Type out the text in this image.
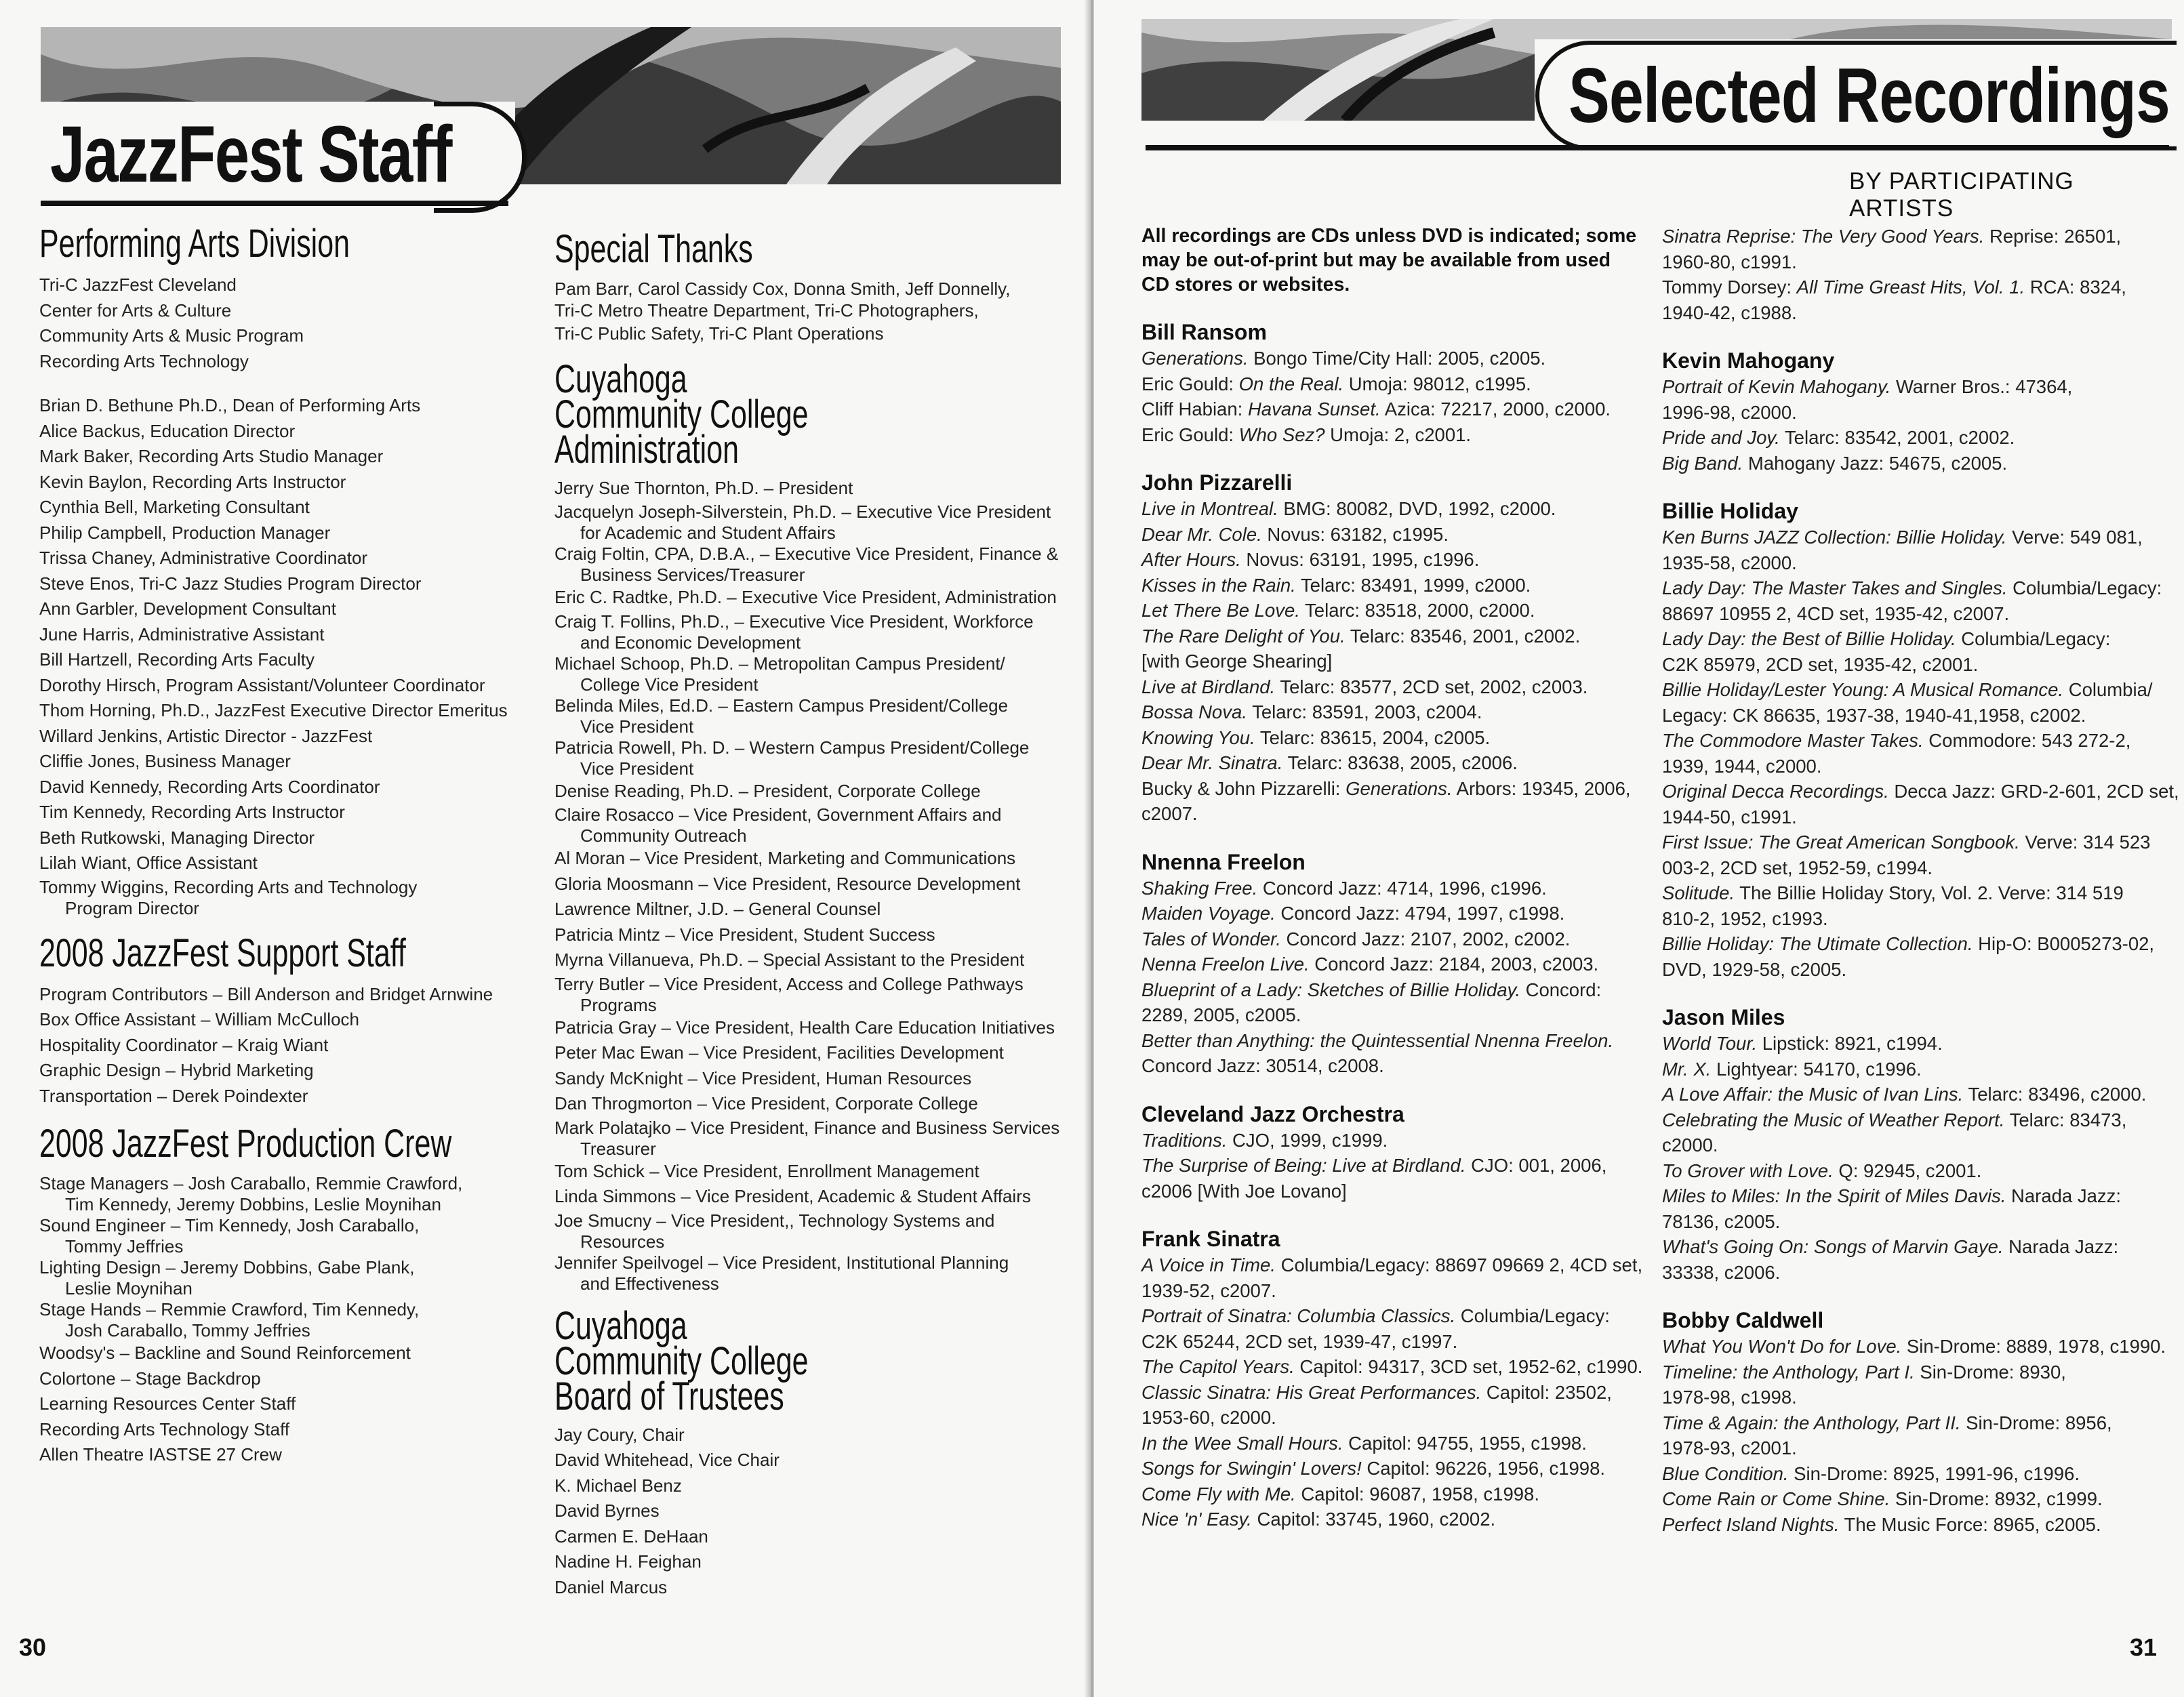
JazzFest Staff
Performing Arts Division
Tri-C JazzFest Cleveland
Center for Arts & Culture
Community Arts & Music Program
Recording Arts Technology
Brian D. Bethune Ph.D., Dean of Performing Arts
Alice Backus, Education Director
Mark Baker, Recording Arts Studio Manager
Kevin Baylon, Recording Arts Instructor
Cynthia Bell, Marketing Consultant
Philip Campbell, Production Manager
Trissa Chaney, Administrative Coordinator
Steve Enos, Tri-C Jazz Studies Program Director
Ann Garbler, Development Consultant
June Harris, Administrative Assistant
Bill Hartzell, Recording Arts Faculty
Dorothy Hirsch, Program Assistant/Volunteer Coordinator
Thom Horning, Ph.D., JazzFest Executive Director Emeritus
Willard Jenkins, Artistic Director - JazzFest
Cliffie Jones, Business Manager
David Kennedy, Recording Arts Coordinator
Tim Kennedy, Recording Arts Instructor
Beth Rutkowski, Managing Director
Lilah Wiant, Office Assistant
Tommy Wiggins, Recording Arts and Technology
Program Director
2008 JazzFest Support Staff
Program Contributors – Bill Anderson and Bridget Arnwine
Box Office Assistant – William McCulloch
Hospitality Coordinator – Kraig Wiant
Graphic Design – Hybrid Marketing
Transportation – Derek Poindexter
2008 JazzFest Production Crew
Stage Managers – Josh Caraballo, Remmie Crawford,
Tim Kennedy, Jeremy Dobbins, Leslie Moynihan
Sound Engineer – Tim Kennedy, Josh Caraballo,
Tommy Jeffries
Lighting Design – Jeremy Dobbins, Gabe Plank,
Leslie Moynihan
Stage Hands – Remmie Crawford, Tim Kennedy,
Josh Caraballo, Tommy Jeffries
Woodsy's – Backline and Sound Reinforcement
Colortone – Stage Backdrop
Learning Resources Center Staff
Recording Arts Technology Staff
Allen Theatre IASTSE 27 Crew
Special Thanks
Pam Barr, Carol Cassidy Cox, Donna Smith, Jeff Donnelly,
Tri-C Metro Theatre Department, Tri-C Photographers,
Tri-C Public Safety, Tri-C Plant Operations
Cuyahoga Community College Administration
Jerry Sue Thornton, Ph.D. – President
Jacquelyn Joseph-Silverstein, Ph.D. – Executive Vice President
for Academic and Student Affairs
Craig Foltin, CPA, D.B.A., – Executive Vice President, Finance &
Business Services/Treasurer
Eric C. Radtke, Ph.D. – Executive Vice President, Administration
Craig T. Follins, Ph.D., – Executive Vice President, Workforce
and Economic Development
Michael Schoop, Ph.D. – Metropolitan Campus President/
College Vice President
Belinda Miles, Ed.D. – Eastern Campus President/College
Vice President
Patricia Rowell, Ph. D. – Western Campus President/College
Vice President
Denise Reading, Ph.D. – President, Corporate College
Claire Rosacco – Vice President, Government Affairs and
Community Outreach
Al Moran – Vice President, Marketing and Communications
Gloria Moosmann – Vice President, Resource Development
Lawrence Miltner, J.D. – General Counsel
Patricia Mintz – Vice President, Student Success
Myrna Villanueva, Ph.D. – Special Assistant to the President
Terry Butler – Vice President, Access and College Pathways
Programs
Patricia Gray – Vice President, Health Care Education Initiatives
Peter Mac Ewan – Vice President, Facilities Development
Sandy McKnight – Vice President, Human Resources
Dan Throgmorton – Vice President, Corporate College
Mark Polatajko – Vice President, Finance and Business Services
Treasurer
Tom Schick – Vice President, Enrollment Management
Linda Simmons – Vice President, Academic & Student Affairs
Joe Smucny – Vice President,, Technology Systems and
Resources
Jennifer Speilvogel – Vice President, Institutional Planning
and Effectiveness
Cuyahoga Community College Board of Trustees
Jay Coury, Chair
David Whitehead, Vice Chair
K. Michael Benz
David Byrnes
Carmen E. DeHaan
Nadine H. Feighan
Daniel Marcus
30
Selected Recordings
BY PARTICIPATING ARTISTS
All recordings are CDs unless DVD is indicated; some
may be out-of-print but may be available from used
CD stores or websites.
Bill Ransom
Generations. Bongo Time/City Hall: 2005, c2005.
Eric Gould: On the Real. Umoja: 98012, c1995.
Cliff Habian: Havana Sunset. Azica: 72217, 2000, c2000.
Eric Gould: Who Sez? Umoja: 2, c2001.
John Pizzarelli
Live in Montreal. BMG: 80082, DVD, 1992, c2000.
Dear Mr. Cole. Novus: 63182, c1995.
After Hours. Novus: 63191, 1995, c1996.
Kisses in the Rain. Telarc: 83491, 1999, c2000.
Let There Be Love. Telarc: 83518, 2000, c2000.
The Rare Delight of You. Telarc: 83546, 2001, c2002.
[with George Shearing]
Live at Birdland. Telarc: 83577, 2CD set, 2002, c2003.
Bossa Nova. Telarc: 83591, 2003, c2004.
Knowing You. Telarc: 83615, 2004, c2005.
Dear Mr. Sinatra. Telarc: 83638, 2005, c2006.
Bucky & John Pizzarelli: Generations. Arbors: 19345, 2006,
c2007.
Nnenna Freelon
Shaking Free. Concord Jazz: 4714, 1996, c1996.
Maiden Voyage. Concord Jazz: 4794, 1997, c1998.
Tales of Wonder. Concord Jazz: 2107, 2002, c2002.
Nenna Freelon Live. Concord Jazz: 2184, 2003, c2003.
Blueprint of a Lady: Sketches of Billie Holiday. Concord:
2289, 2005, c2005.
Better than Anything: the Quintessential Nnenna Freelon.
Concord Jazz: 30514, c2008.
Cleveland Jazz Orchestra
Traditions. CJO, 1999, c1999.
The Surprise of Being: Live at Birdland. CJO: 001, 2006,
c2006 [With Joe Lovano]
Frank Sinatra
A Voice in Time. Columbia/Legacy: 88697 09669 2, 4CD set,
1939-52, c2007.
Portrait of Sinatra: Columbia Classics. Columbia/Legacy:
C2K 65244, 2CD set, 1939-47, c1997.
The Capitol Years. Capitol: 94317, 3CD set, 1952-62, c1990.
Classic Sinatra: His Great Performances. Capitol: 23502,
1953-60, c2000.
In the Wee Small Hours. Capitol: 94755, 1955, c1998.
Songs for Swingin' Lovers! Capitol: 96226, 1956, c1998.
Come Fly with Me. Capitol: 96087, 1958, c1998.
Nice 'n' Easy. Capitol: 33745, 1960, c2002.
Sinatra Reprise: The Very Good Years. Reprise: 26501,
1960-80, c1991.
Tommy Dorsey: All Time Greast Hits, Vol. 1. RCA: 8324,
1940-42, c1988.
Kevin Mahogany
Portrait of Kevin Mahogany. Warner Bros.: 47364,
1996-98, c2000.
Pride and Joy. Telarc: 83542, 2001, c2002.
Big Band. Mahogany Jazz: 54675, c2005.
Billie Holiday
Ken Burns JAZZ Collection: Billie Holiday. Verve: 549 081,
1935-58, c2000.
Lady Day: The Master Takes and Singles. Columbia/Legacy:
88697 10955 2, 4CD set, 1935-42, c2007.
Lady Day: the Best of Billie Holiday. Columbia/Legacy:
C2K 85979, 2CD set, 1935-42, c2001.
Billie Holiday/Lester Young: A Musical Romance. Columbia/
Legacy: CK 86635, 1937-38, 1940-41,1958, c2002.
The Commodore Master Takes. Commodore: 543 272-2,
1939, 1944, c2000.
Original Decca Recordings. Decca Jazz: GRD-2-601, 2CD set,
1944-50, c1991.
First Issue: The Great American Songbook. Verve: 314 523
003-2, 2CD set, 1952-59, c1994.
Solitude. The Billie Holiday Story, Vol. 2. Verve: 314 519
810-2, 1952, c1993.
Billie Holiday: The Utimate Collection. Hip-O: B0005273-02,
DVD, 1929-58, c2005.
Jason Miles
World Tour. Lipstick: 8921, c1994.
Mr. X. Lightyear: 54170, c1996.
A Love Affair: the Music of Ivan Lins. Telarc: 83496, c2000.
Celebrating the Music of Weather Report. Telarc: 83473,
c2000.
To Grover with Love. Q: 92945, c2001.
Miles to Miles: In the Spirit of Miles Davis. Narada Jazz:
78136, c2005.
What's Going On: Songs of Marvin Gaye. Narada Jazz:
33338, c2006.
Bobby Caldwell
What You Won't Do for Love. Sin-Drome: 8889, 1978, c1990.
Timeline: the Anthology, Part I. Sin-Drome: 8930,
1978-98, c1998.
Time & Again: the Anthology, Part II. Sin-Drome: 8956,
1978-93, c2001.
Blue Condition. Sin-Drome: 8925, 1991-96, c1996.
Come Rain or Come Shine. Sin-Drome: 8932, c1999.
Perfect Island Nights. The Music Force: 8965, c2005.
31
